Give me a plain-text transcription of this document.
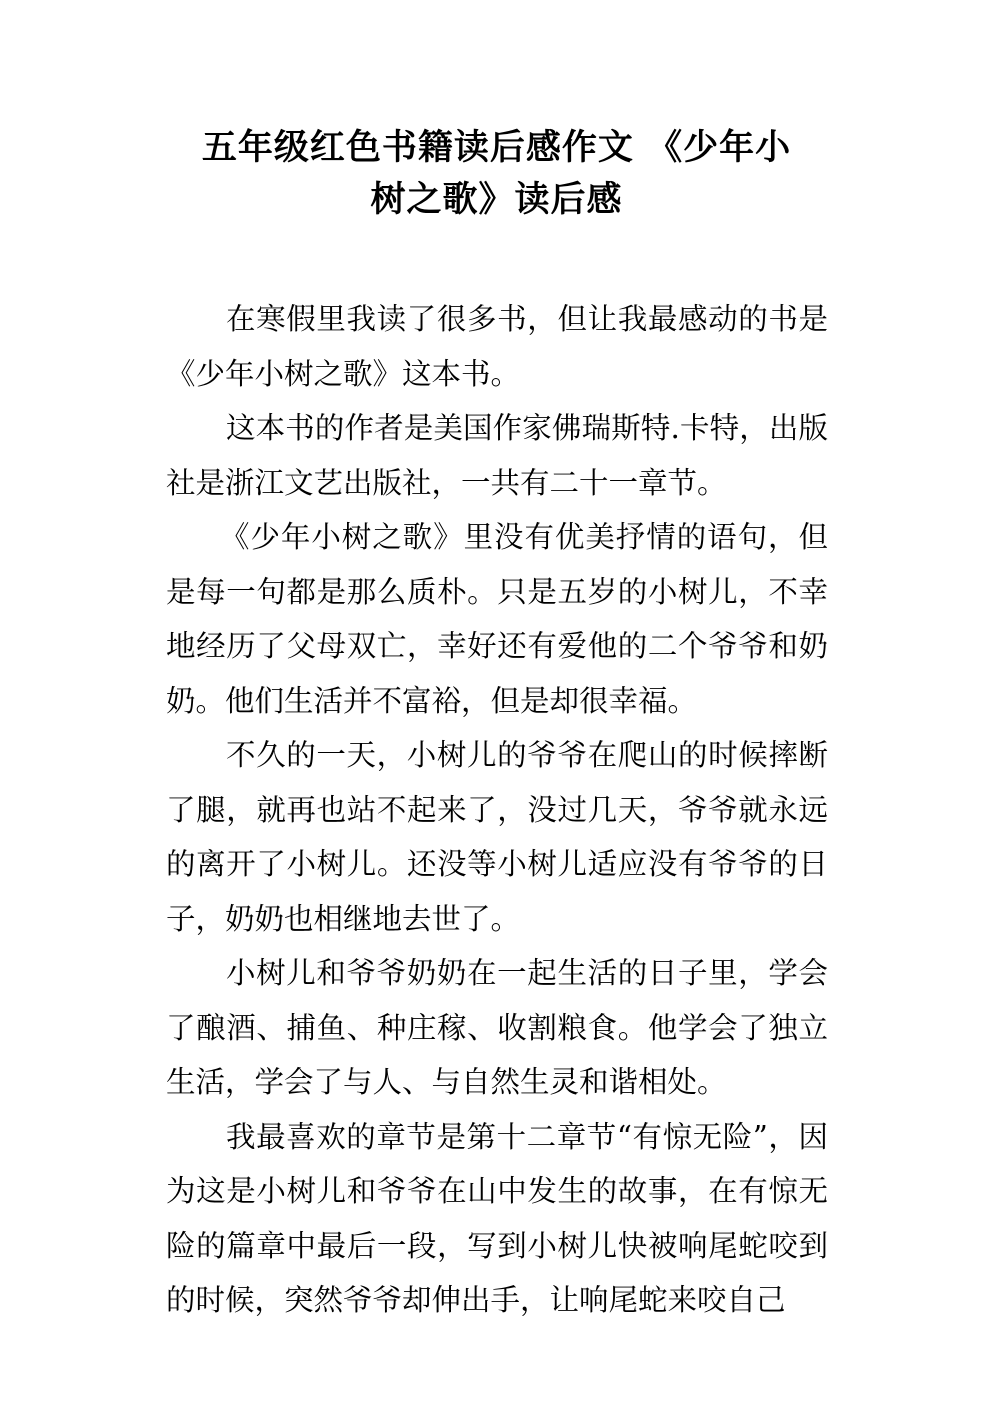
五年级红色书籍读后感作文 《少年小
树之歌》读后感

在寒假里我读了很多书，但让我最感动的书是《少年小树之歌》这本书。

这本书的作者是美国作家佛瑞斯特.卡特，出版社是浙江文艺出版社，一共有二十一章节。

《少年小树之歌》里没有优美抒情的语句，但是每一句都是那么质朴。只是五岁的小树儿，不幸地经历了父母双亡，幸好还有爱他的二个爷爷和奶奶。他们生活并不富裕，但是却很幸福。

不久的一天，小树儿的爷爷在爬山的时候摔断了腿，就再也站不起来了，没过几天，爷爷就永远的离开了小树儿。还没等小树儿适应没有爷爷的日子，奶奶也相继地去世了。

小树儿和爷爷奶奶在一起生活的日子里，学会了酿酒、捕鱼、种庄稼、收割粮食。他学会了独立生活，学会了与人、与自然生灵和谐相处。

我最喜欢的章节是第十二章节“有惊无险”，因为这是小树儿和爷爷在山中发生的故事，在有惊无险的篇章中最后一段，写到小树儿快被响尾蛇咬到的时候，突然爷爷却伸出手，让响尾蛇来咬自己
